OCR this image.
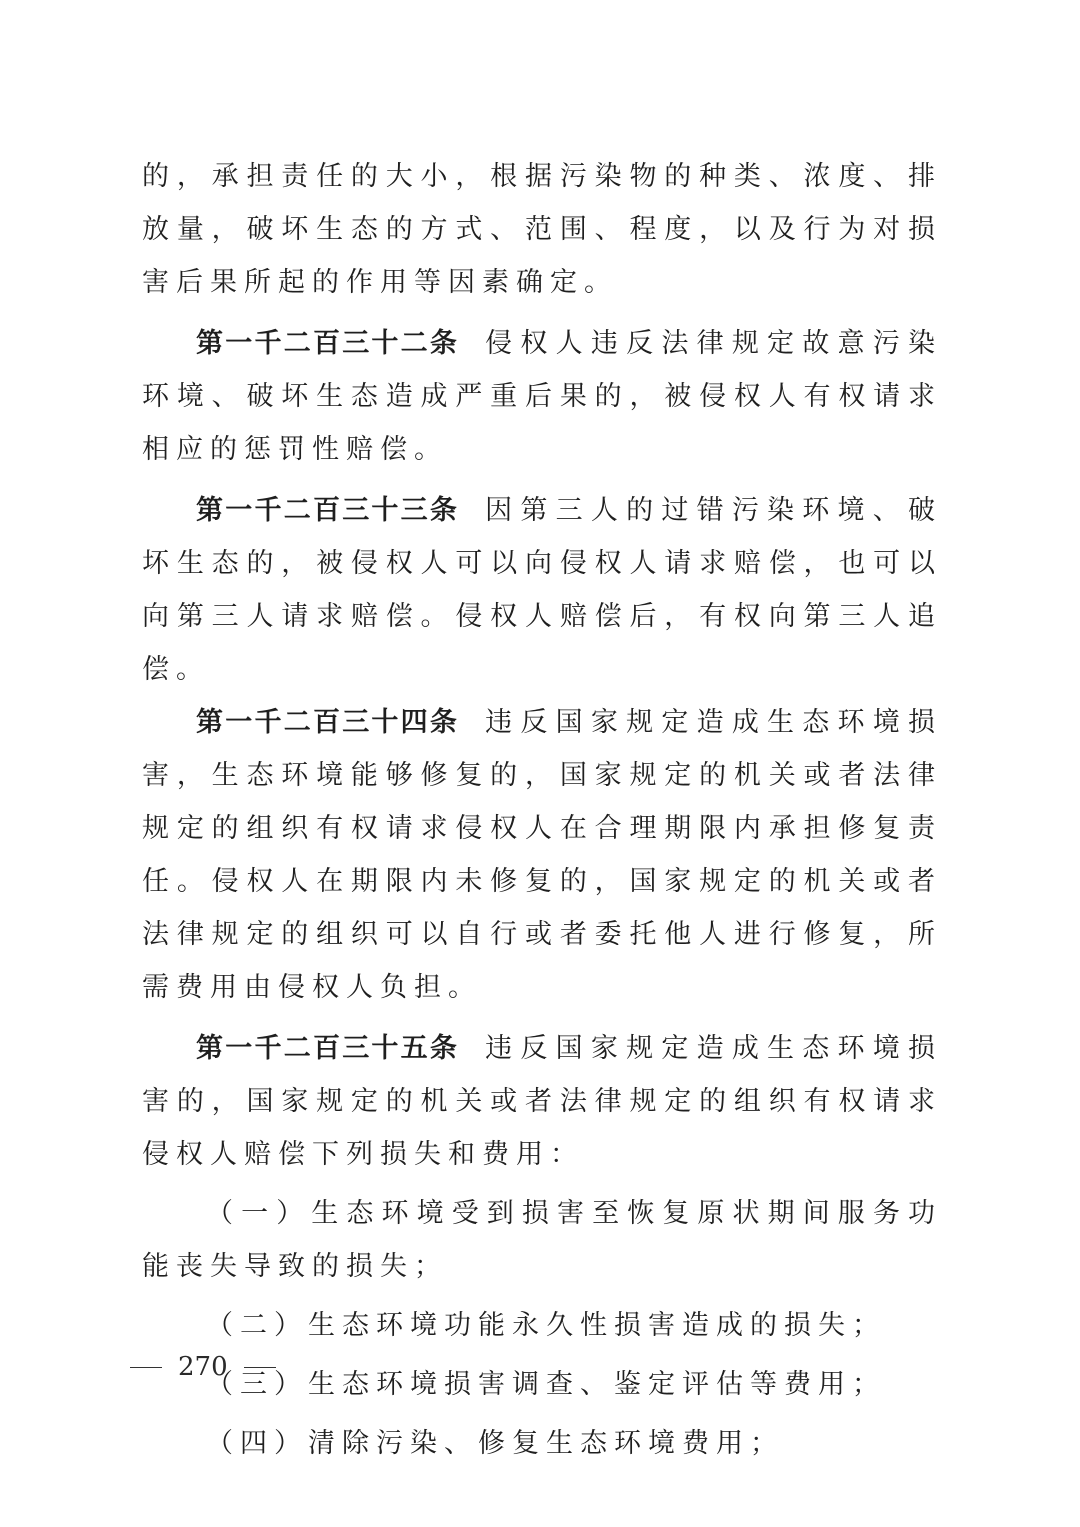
的，承担责任的大小，根据污染物的种类、浓度、排放量，破坏生态的方式、范围、程度，以及行为对损害后果所起的作用等因素确定。

第一千二百三十二条 侵权人违反法律规定故意污染环境、破坏生态造成严重后果的，被侵权人有权请求相应的惩罚性赔偿。

第一千二百三十三条 因第三人的过错污染环境、破坏生态的，被侵权人可以向侵权人请求赔偿，也可以向第三人请求赔偿。侵权人赔偿后，有权向第三人追偿。

第一千二百三十四条 违反国家规定造成生态环境损害，生态环境能够修复的，国家规定的机关或者法律规定的组织有权请求侵权人在合理期限内承担修复责任。侵权人在期限内未修复的，国家规定的机关或者法律规定的组织可以自行或者委托他人进行修复，所需费用由侵权人负担。

第一千二百三十五条 违反国家规定造成生态环境损害的，国家规定的机关或者法律规定的组织有权请求侵权人赔偿下列损失和费用：

（一）生态环境受到损害至恢复原状期间服务功能丧失导致的损失；

（二）生态环境功能永久性损害造成的损失；

（三）生态环境损害调查、鉴定评估等费用；

（四）清除污染、修复生态环境费用；

270
